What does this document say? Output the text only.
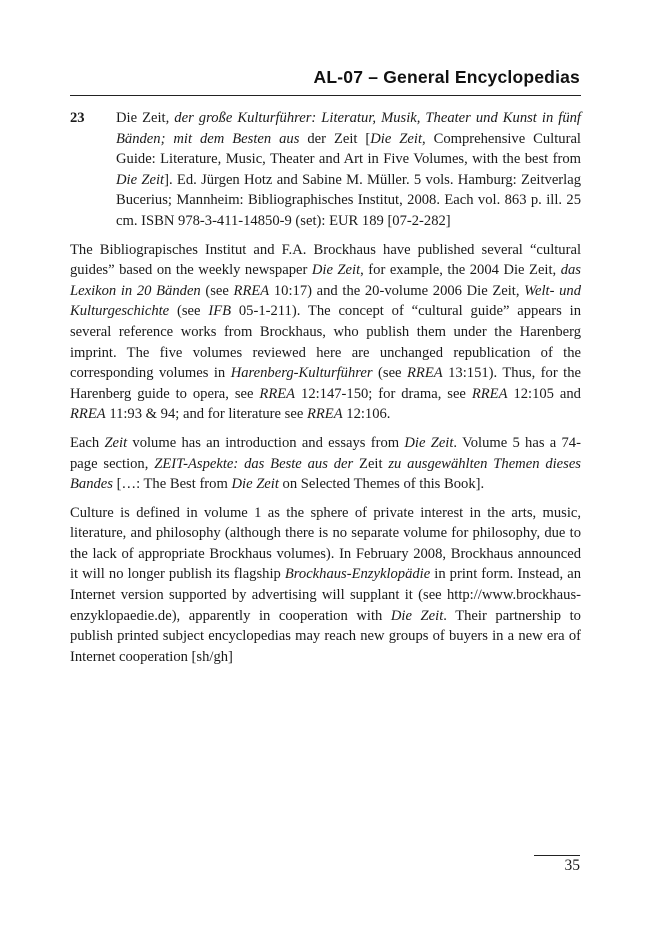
AL-07 – General Encyclopedias
23 Die Zeit, der große Kulturführer: Literatur, Musik, Theater und Kunst in fünf Bänden; mit dem Besten aus der Zeit [Die Zeit, Comprehensive Cultural Guide: Literature, Music, Theater and Art in Five Volumes, with the best from Die Zeit]. Ed. Jürgen Hotz and Sabine M. Müller. 5 vols. Hamburg: Zeitverlag Bucerius; Mannheim: Bibliographisches Institut, 2008. Each vol. 863 p. ill. 25 cm. ISBN 978-3-411-14850-9 (set): EUR 189 [07-2-282]

The Bibliograpisches Institut and F.A. Brockhaus have published several “cultural guides” based on the weekly newspaper Die Zeit, for example, the 2004 Die Zeit, das Lexikon in 20 Bänden (see RREA 10:17) and the 20-volume 2006 Die Zeit, Welt- und Kulturgeschichte (see IFB 05-1-211). The concept of “cultural guide” appears in several reference works from Brockhaus, who publish them under the Harenberg imprint. The five volumes reviewed here are unchanged republication of the corresponding volumes in Harenberg-Kulturführer (see RREA 13:151). Thus, for the Harenberg guide to opera, see RREA 12:147-150; for drama, see RREA 12:105 and RREA 11:93 & 94; and for literature see RREA 12:106.

Each Zeit volume has an introduction and essays from Die Zeit. Volume 5 has a 74-page section, ZEIT-Aspekte: das Beste aus der Zeit zu ausgewählten Themen dieses Bandes […: The Best from Die Zeit on Selected Themes of this Book].

Culture is defined in volume 1 as the sphere of private interest in the arts, music, literature, and philosophy (although there is no separate volume for philosophy, due to the lack of appropriate Brockhaus volumes). In February 2008, Brockhaus announced it will no longer publish its flagship Brockhaus-Enzyklopädie in print form. Instead, an Internet version supported by advertising will supplant it (see http://www.brockhaus-enzyklopaedie.de), apparently in cooperation with Die Zeit. Their partnership to publish printed subject encyclopedias may reach new groups of buyers in a new era of Internet cooperation [sh/gh]

35
